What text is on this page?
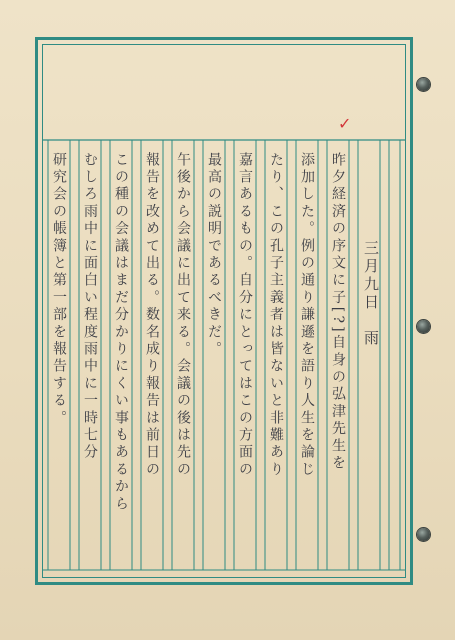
✓
三月九日　雨
昨夕経済の序文に子[?]自身の弘津先生を
添加した。例の通り謙遜を語り人生を論じ
たり、この孔子主義者は皆ないと非難あり
嘉言あるもの。自分にとってはこの方面の
最高の説明であるべきだ。
午後から会議に出て来る。会議の後は先の
報告を改めて出る。数名成り報告は前日の
この種の会議はまだ分かりにくい事もあるから
むしろ雨中に面白い程度雨中に一時七分
研究会の帳簿と第一部を報告する。
